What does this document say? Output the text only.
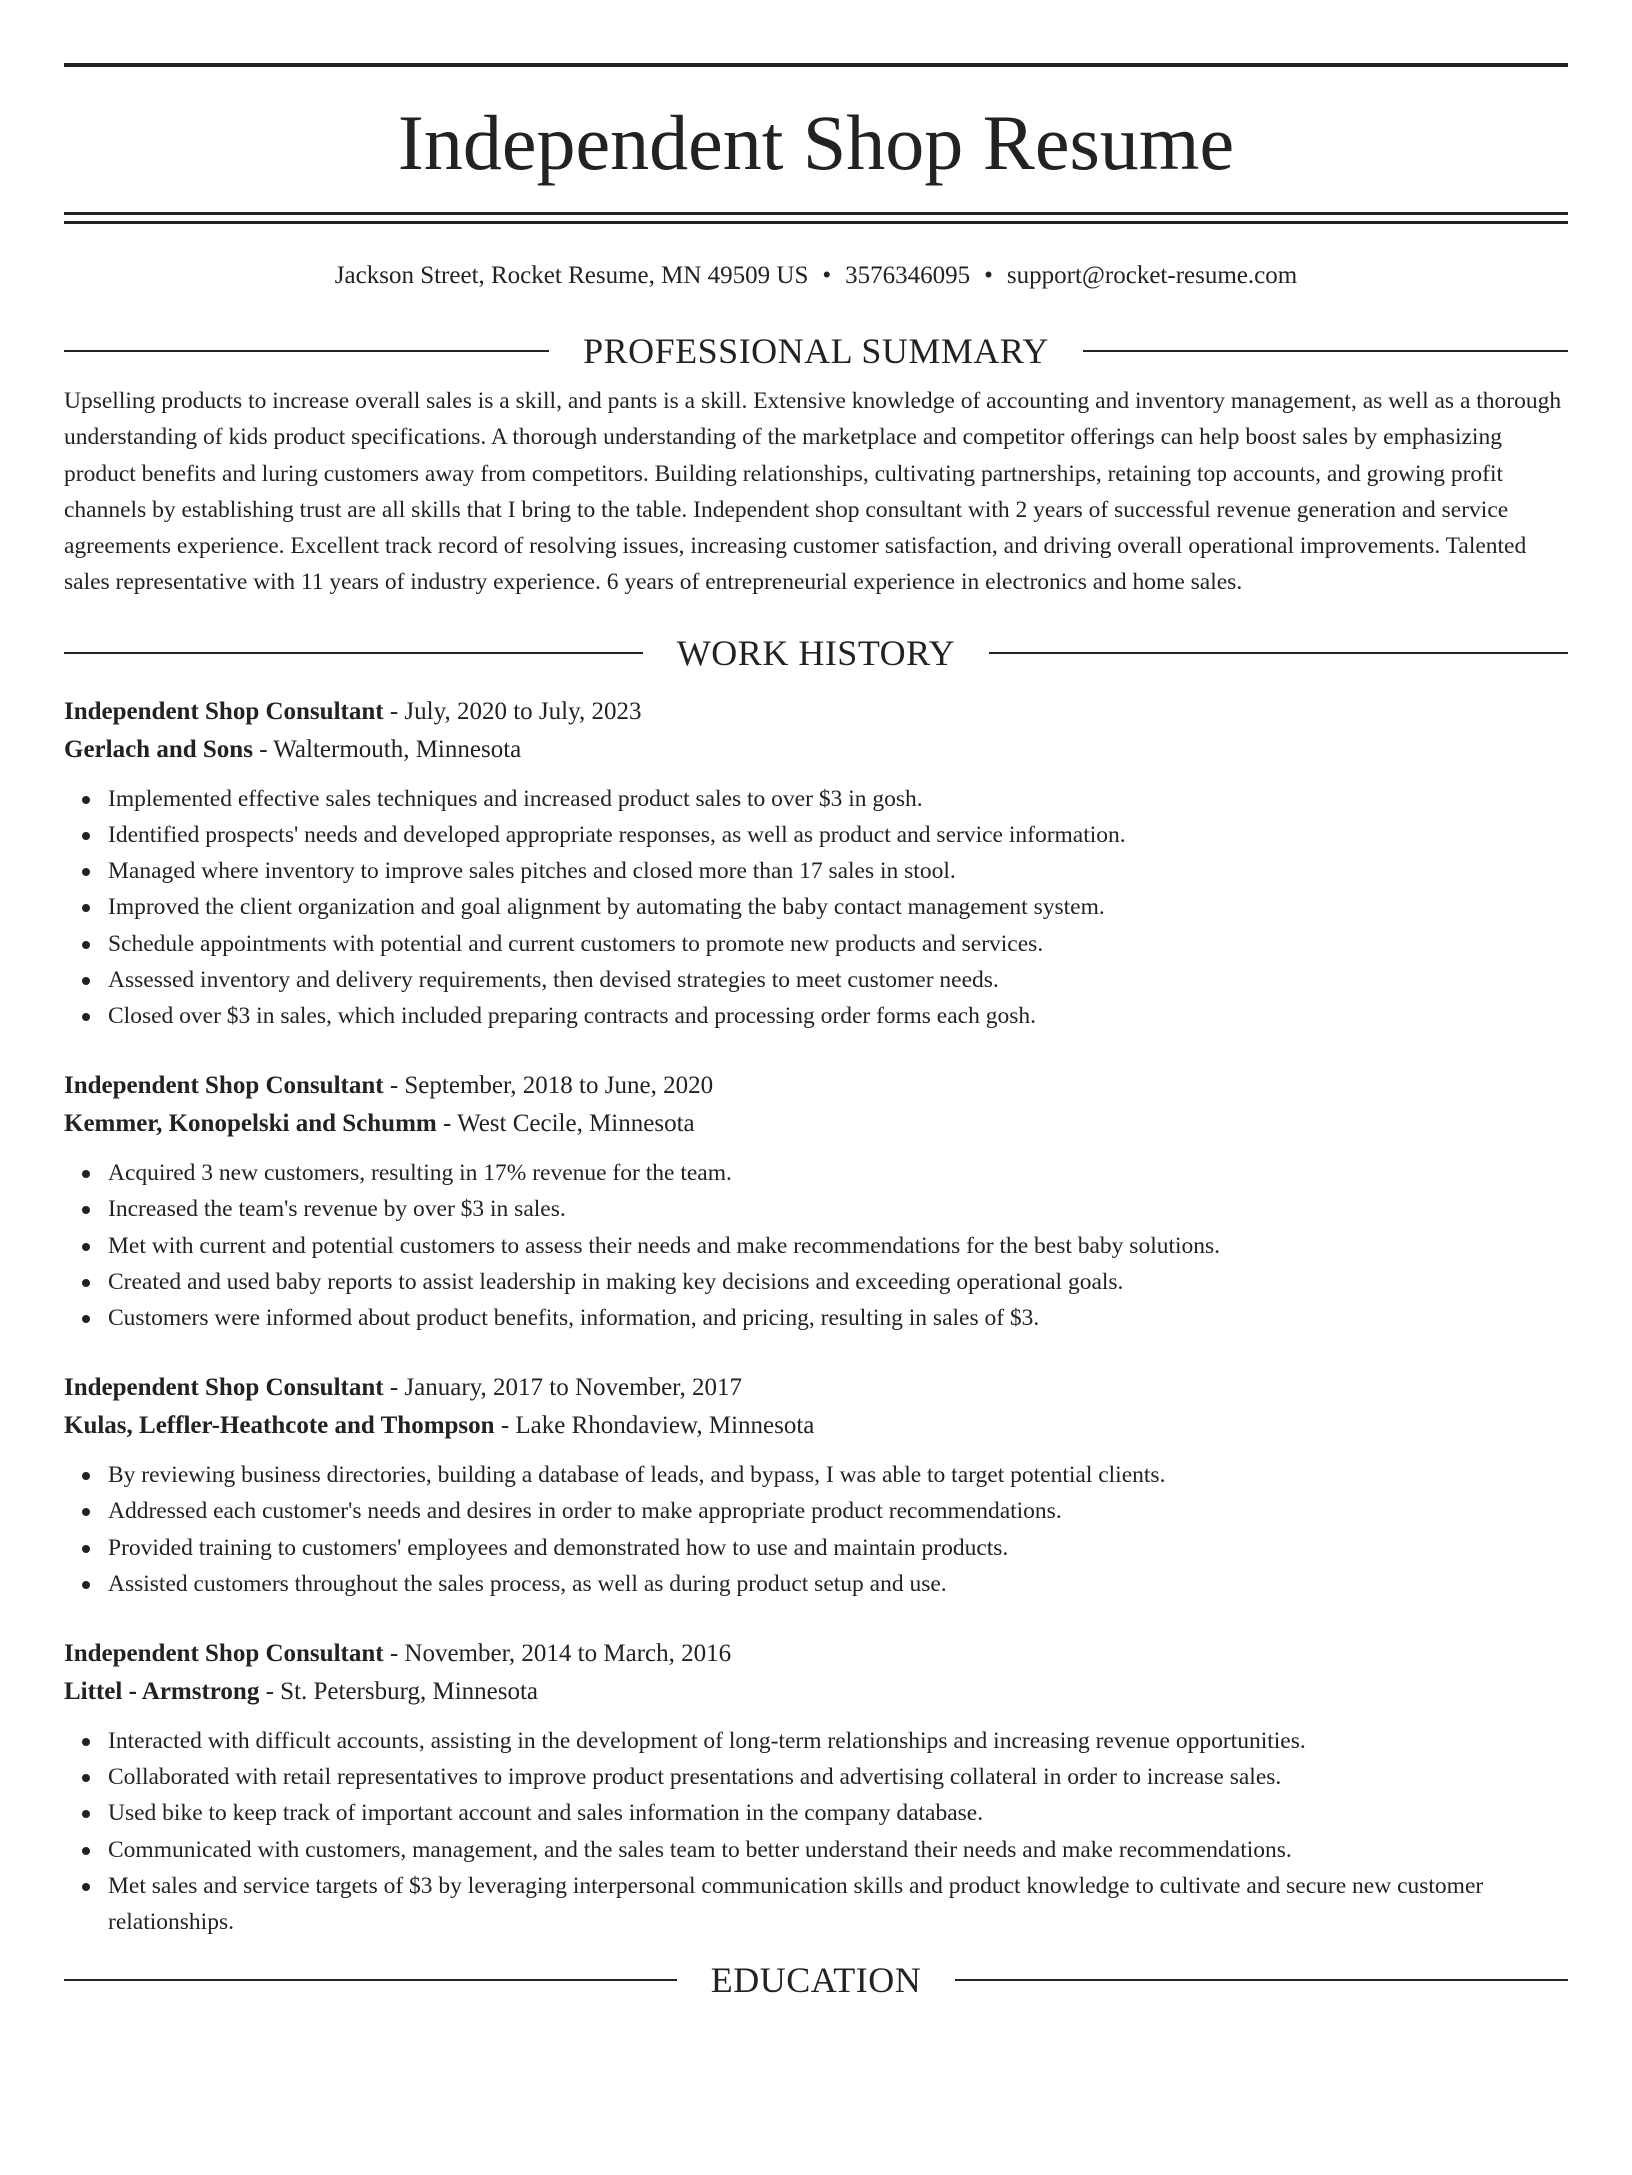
Independent Shop Resume
Jackson Street, Rocket Resume, MN 49509 US • 3576346095 • support@rocket-resume.com
PROFESSIONAL SUMMARY

Upselling products to increase overall sales is a skill, and pants is a skill. Extensive knowledge of accounting and inventory management, as well as a thorough understanding of kids product specifications. A thorough understanding of the marketplace and competitor offerings can help boost sales by emphasizing product benefits and luring customers away from competitors. Building relationships, cultivating partnerships, retaining top accounts, and growing profit channels by establishing trust are all skills that I bring to the table. Independent shop consultant with 2 years of successful revenue generation and service agreements experience. Excellent track record of resolving issues, increasing customer satisfaction, and driving overall operational improvements. Talented sales representative with 11 years of industry experience. 6 years of entrepreneurial experience in electronics and home sales.

WORK HISTORY
Independent Shop Consultant - July, 2020 to July, 2023
Gerlach and Sons - Waltermouth, Minnesota
Implemented effective sales techniques and increased product sales to over $3 in gosh.
Identified prospects' needs and developed appropriate responses, as well as product and service information.
Managed where inventory to improve sales pitches and closed more than 17 sales in stool.
Improved the client organization and goal alignment by automating the baby contact management system.
Schedule appointments with potential and current customers to promote new products and services.
Assessed inventory and delivery requirements, then devised strategies to meet customer needs.
Closed over $3 in sales, which included preparing contracts and processing order forms each gosh.
Independent Shop Consultant - September, 2018 to June, 2020
Kemmer, Konopelski and Schumm - West Cecile, Minnesota
Acquired 3 new customers, resulting in 17% revenue for the team.
Increased the team's revenue by over $3 in sales.
Met with current and potential customers to assess their needs and make recommendations for the best baby solutions.
Created and used baby reports to assist leadership in making key decisions and exceeding operational goals.
Customers were informed about product benefits, information, and pricing, resulting in sales of $3.
Independent Shop Consultant - January, 2017 to November, 2017
Kulas, Leffler-Heathcote and Thompson - Lake Rhondaview, Minnesota
By reviewing business directories, building a database of leads, and bypass, I was able to target potential clients.
Addressed each customer's needs and desires in order to make appropriate product recommendations.
Provided training to customers' employees and demonstrated how to use and maintain products.
Assisted customers throughout the sales process, as well as during product setup and use.
Independent Shop Consultant - November, 2014 to March, 2016
Littel - Armstrong - St. Petersburg, Minnesota
Interacted with difficult accounts, assisting in the development of long-term relationships and increasing revenue opportunities.
Collaborated with retail representatives to improve product presentations and advertising collateral in order to increase sales.
Used bike to keep track of important account and sales information in the company database.
Communicated with customers, management, and the sales team to better understand their needs and make recommendations.
Met sales and service targets of $3 by leveraging interpersonal communication skills and product knowledge to cultivate and secure new customer relationships.
EDUCATION
